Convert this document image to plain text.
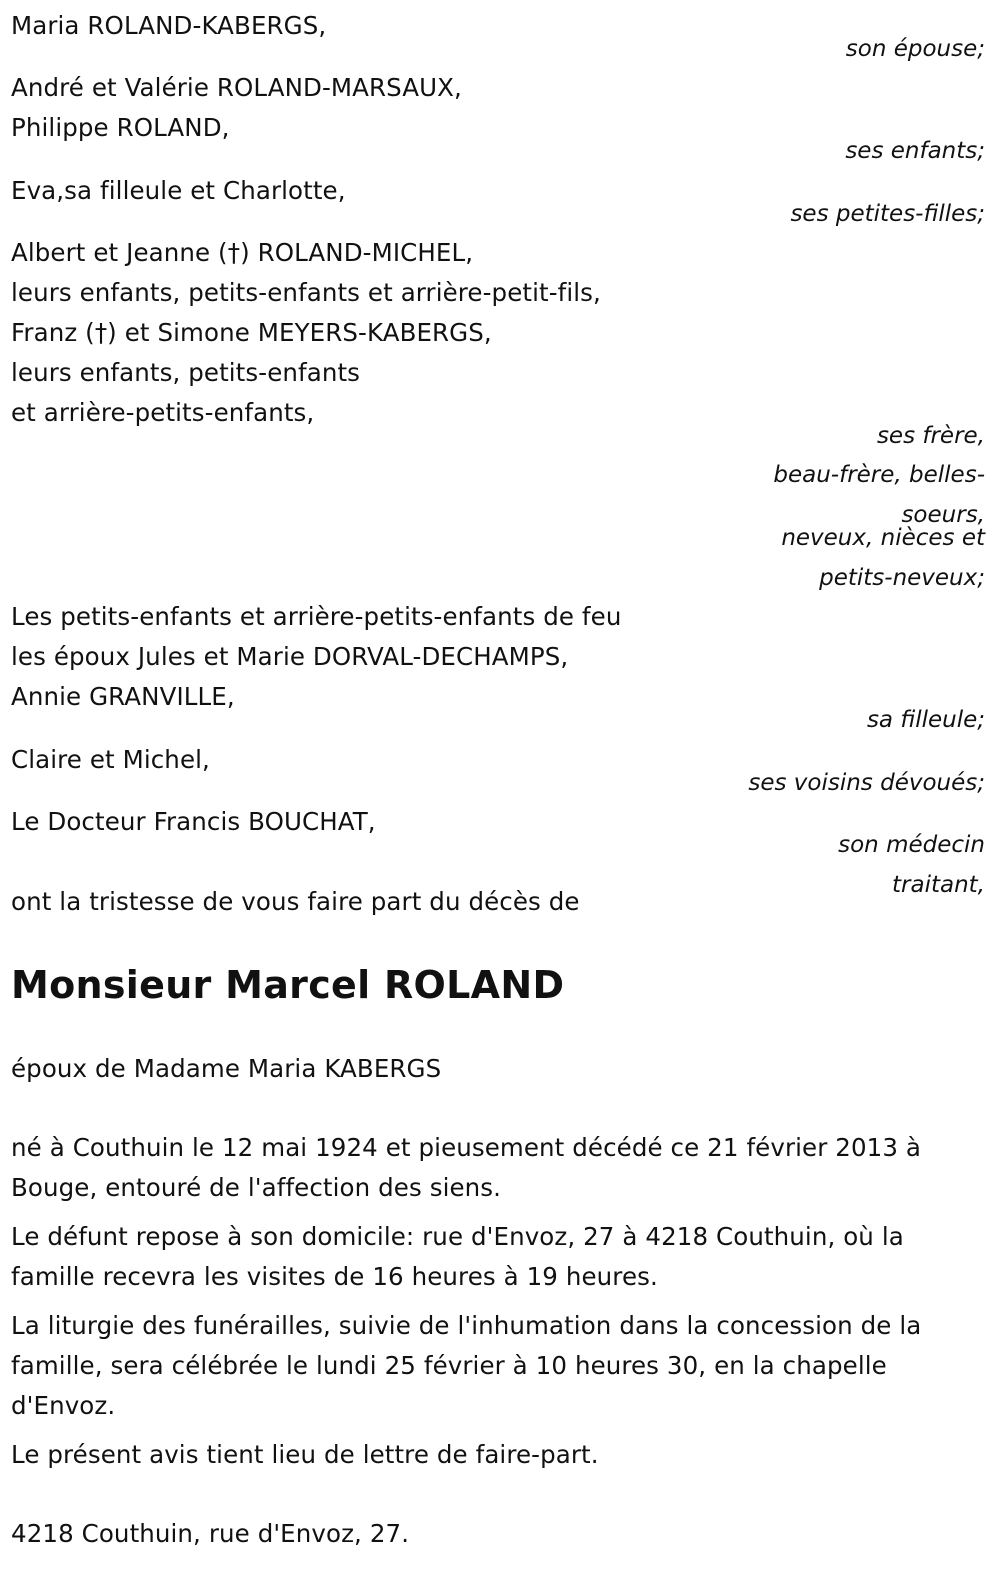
Maria ROLAND-KABERGS,
André et Valérie ROLAND-MARSAUX,
Philippe ROLAND,
Eva,sa filleule et Charlotte,
Albert et Jeanne (†) ROLAND-MICHEL,
leurs enfants, petits-enfants et arrière-petit-fils,
Franz (†) et Simone MEYERS-KABERGS,
leurs enfants, petits-enfants
et arrière-petits-enfants,
Les petits-enfants et arrière-petits-enfants de feu
les époux Jules et Marie DORVAL-DECHAMPS,
Annie GRANVILLE,
Claire et Michel,
Le Docteur Francis BOUCHAT,
ont la tristesse de vous faire part du décès de
son épouse;
ses enfants;
ses petites-filles;
ses frère,
beau-frère, belles-
soeurs,
neveux, nièces et
petits-neveux;
sa filleule;
ses voisins dévoués;
son médecin
traitant,
Monsieur Marcel ROLAND
époux de Madame Maria KABERGS
né à Couthuin le 12 mai 1924 et pieusement décédé ce 21 février 2013 à
Bouge, entouré de l'affection des siens.
Le défunt repose à son domicile: rue d'Envoz, 27 à 4218 Couthuin, où la
famille recevra les visites de 16 heures à 19 heures.
La liturgie des funérailles, suivie de l'inhumation dans la concession de la
famille, sera célébrée le lundi 25 février à 10 heures 30, en la chapelle
d'Envoz.
Le présent avis tient lieu de lettre de faire-part.
4218 Couthuin, rue d'Envoz, 27.
